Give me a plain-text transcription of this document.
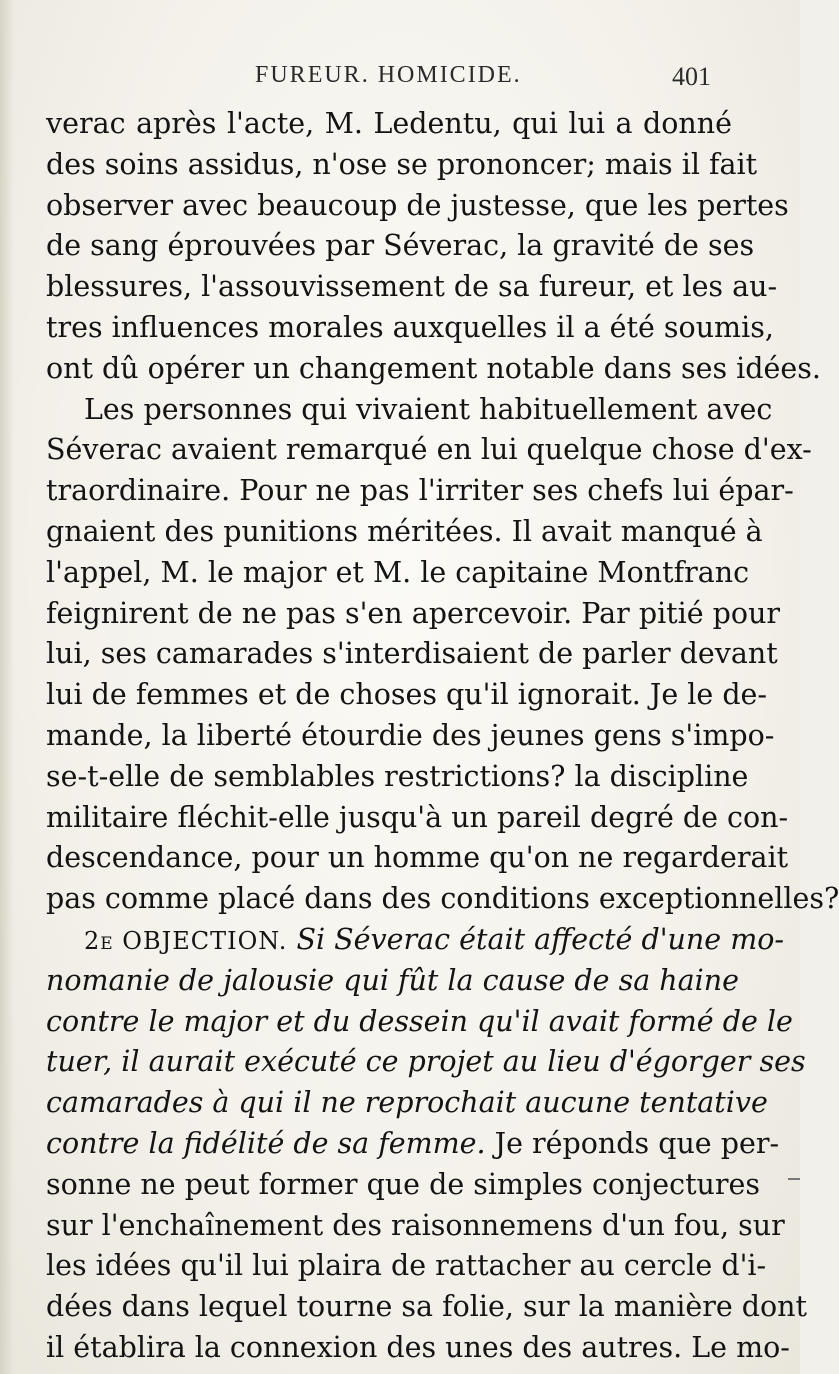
FUREUR. HOMICIDE.	401
verac après l'acte, M. Ledentu, qui lui a donné
des soins assidus, n'ose se prononcer; mais il fait
observer avec beaucoup de justesse, que les pertes
de sang éprouvées par Séverac, la gravité de ses
blessures, l'assouvissement de sa fureur, et les au-
tres influences morales auxquelles il a été soumis,
ont dû opérer un changement notable dans ses idées.
Les personnes qui vivaient habituellement avec
Séverac avaient remarqué en lui quelque chose d'ex-
traordinaire. Pour ne pas l'irriter ses chefs lui épar-
gnaient des punitions méritées. Il avait manqué à
l'appel, M. le major et M. le capitaine Montfranc
feignirent de ne pas s'en apercevoir. Par pitié pour
lui, ses camarades s'interdisaient de parler devant
lui de femmes et de choses qu'il ignorait. Je le de-
mande, la liberté étourdie des jeunes gens s'impo-
se-t-elle de semblables restrictions? la discipline
militaire fléchit-elle jusqu'à un pareil degré de con-
descendance, pour un homme qu'on ne regarderait
pas comme placé dans des conditions exceptionnelles?
2e OBJECTION. Si Séverac était affecté d'une mo-
nomanie de jalousie qui fût la cause de sa haine
contre le major et du dessein qu'il avait formé de le
tuer, il aurait exécuté ce projet au lieu d'égorger ses
camarades à qui il ne reprochait aucune tentative
contre la fidélité de sa femme. Je réponds que per-
sonne ne peut former que de simples conjectures
sur l'enchaînement des raisonnemens d'un fou, sur
les idées qu'il lui plaira de rattacher au cercle d'i-
dées dans lequel tourne sa folie, sur la manière dont
il établira la connexion des unes des autres. Le mo-
